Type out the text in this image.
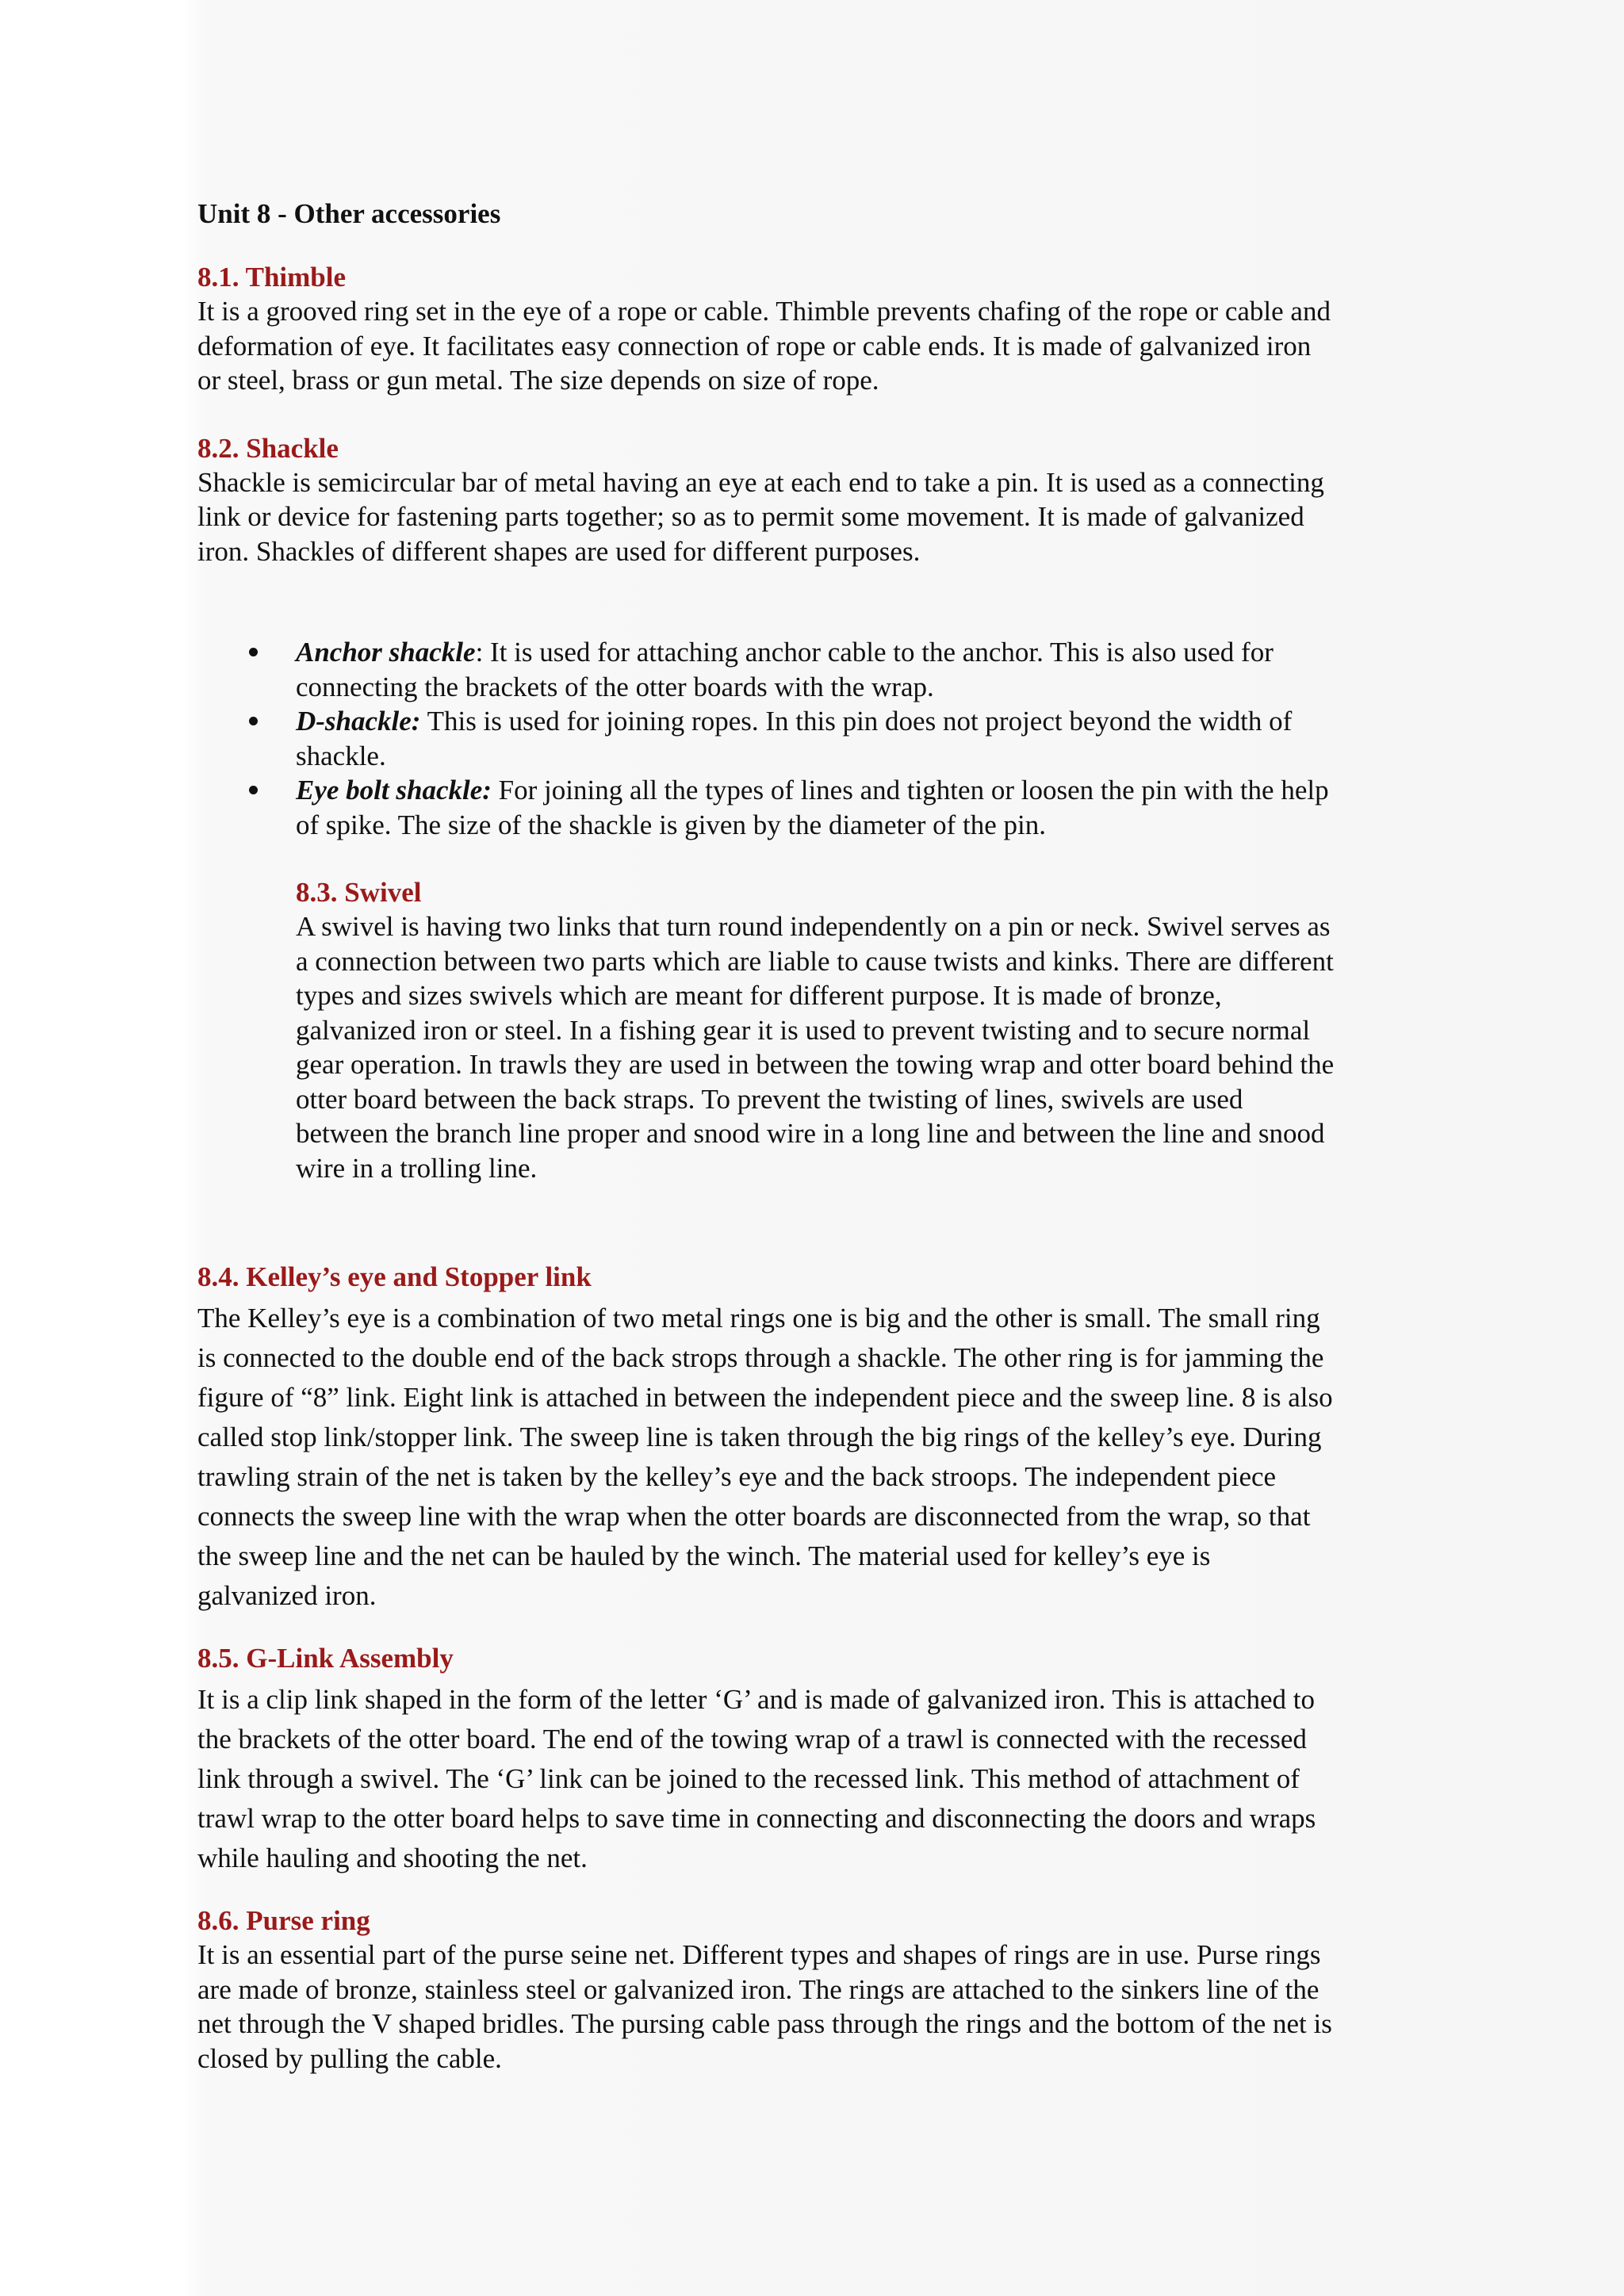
Unit 8 - Other accessories
8.1. Thimble
It is a grooved ring set in the eye of a rope or cable. Thimble prevents chafing of the rope or cable and
deformation of eye. It facilitates easy connection of rope or cable ends. It is made of galvanized iron
or steel, brass or gun metal. The size depends on size of rope.
8.2. Shackle
Shackle is semicircular bar of metal having an eye at each end to take a pin. It is used as a connecting
link or device for fastening parts together; so as to permit some movement. It is made of galvanized
iron. Shackles of different shapes are used for different purposes.
Anchor shackle: It is used for attaching anchor cable to the anchor. This is also used for
connecting the brackets of the otter boards with the wrap.
D-shackle: This is used for joining ropes. In this pin does not project beyond the width of
shackle.
Eye bolt shackle: For joining all the types of lines and tighten or loosen the pin with the help
of spike. The size of the shackle is given by the diameter of the pin.
8.3. Swivel
A swivel is having two links that turn round independently on a pin or neck. Swivel serves as
a connection between two parts which are liable to cause twists and kinks. There are different
types and sizes swivels which are meant for different purpose. It is made of bronze,
galvanized iron or steel. In a fishing gear it is used to prevent twisting and to secure normal
gear operation. In trawls they are used in between the towing wrap and otter board behind the
otter board between the back straps. To prevent the twisting of lines, swivels are used
between the branch line proper and snood wire in a long line and between the line and snood
wire in a trolling line.
8.4. Kelley’s eye and Stopper link
The Kelley’s eye is a combination of two metal rings one is big and the other is small. The small ring
is connected to the double end of the back strops through a shackle. The other ring is for jamming the
figure of “8” link. Eight link is attached in between the independent piece and the sweep line. 8 is also
called stop link/stopper link. The sweep line is taken through the big rings of the kelley’s eye. During
trawling strain of the net is taken by the kelley’s eye and the back stroops. The independent piece
connects the sweep line with the wrap when the otter boards are disconnected from the wrap, so that
the sweep line and the net can be hauled by the winch. The material used for kelley’s eye is
galvanized iron.
8.5. G-Link Assembly
It is a clip link shaped in the form of the letter ‘G’ and is made of galvanized iron. This is attached to
the brackets of the otter board. The end of the towing wrap of a trawl is connected with the recessed
link through a swivel. The ‘G’ link can be joined to the recessed link. This method of attachment of
trawl wrap to the otter board helps to save time in connecting and disconnecting the doors and wraps
while hauling and shooting the net.
8.6. Purse ring
It is an essential part of the purse seine net. Different types and shapes of rings are in use. Purse rings
are made of bronze, stainless steel or galvanized iron. The rings are attached to the sinkers line of the
net through the V shaped bridles. The pursing cable pass through the rings and the bottom of the net is
closed by pulling the cable.
